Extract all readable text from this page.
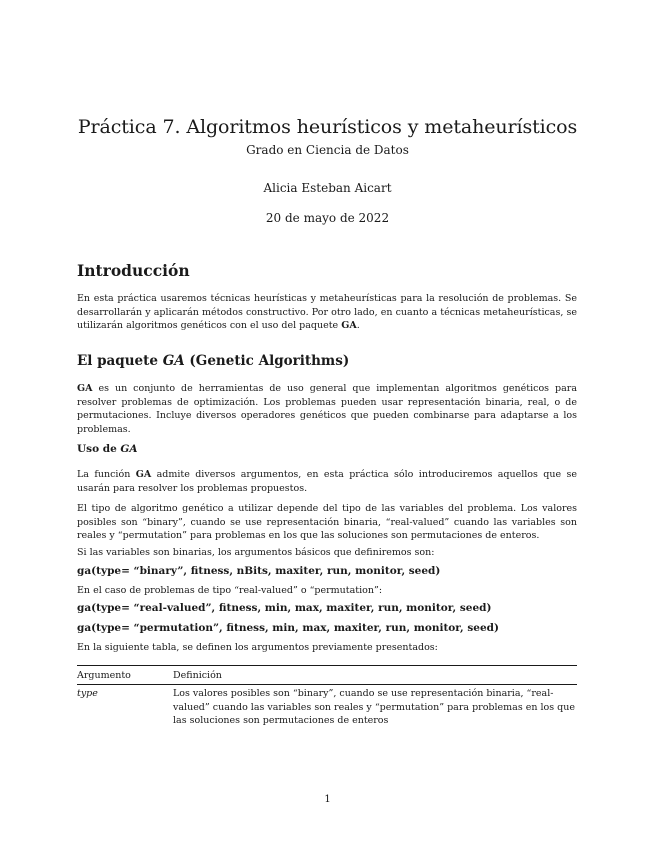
Práctica 7. Algoritmos heurísticos y metaheurísticos
Grado en Ciencia de Datos
Alicia Esteban Aicart
20 de mayo de 2022
Introducción
En esta práctica usaremos técnicas heurísticas y metaheurísticas para la resolución de problemas. Se desarrollarán y aplicarán métodos constructivo. Por otro lado, en cuanto a técnicas metaheurísticas, se utilizarán algoritmos genéticos con el uso del paquete GA.
El paquete GA (Genetic Algorithms)
GA es un conjunto de herramientas de uso general que implementan algoritmos genéticos para resolver problemas de optimización. Los problemas pueden usar representación binaria, real, o de permutaciones. Incluye diversos operadores genéticos que pueden combinarse para adaptarse a los problemas.
Uso de GA
La función GA admite diversos argumentos, en esta práctica sólo introduciremos aquellos que se usarán para resolver los problemas propuestos.
El tipo de algoritmo genético a utilizar depende del tipo de las variables del problema. Los valores posibles son “binary”, cuando se use representación binaria, “real-valued” cuando las variables son reales y “permutation” para problemas en los que las soluciones son permutaciones de enteros.
Si las variables son binarias, los argumentos básicos que definiremos son:
ga(type= “binary”, fitness, nBits, maxiter, run, monitor, seed)
En el caso de problemas de tipo “real-valued” o “permutation”:
ga(type= “real-valued”, fitness, min, max, maxiter, run, monitor, seed)
ga(type= “permutation”, fitness, min, max, maxiter, run, monitor, seed)
En la siguiente tabla, se definen los argumentos previamente presentados:
Argumento	Definición
type	Los valores posibles son “binary”, cuando se use representación binaria, “real-valued” cuando las variables son reales y “permutation” para problemas en los que las soluciones son permutaciones de enteros
1
